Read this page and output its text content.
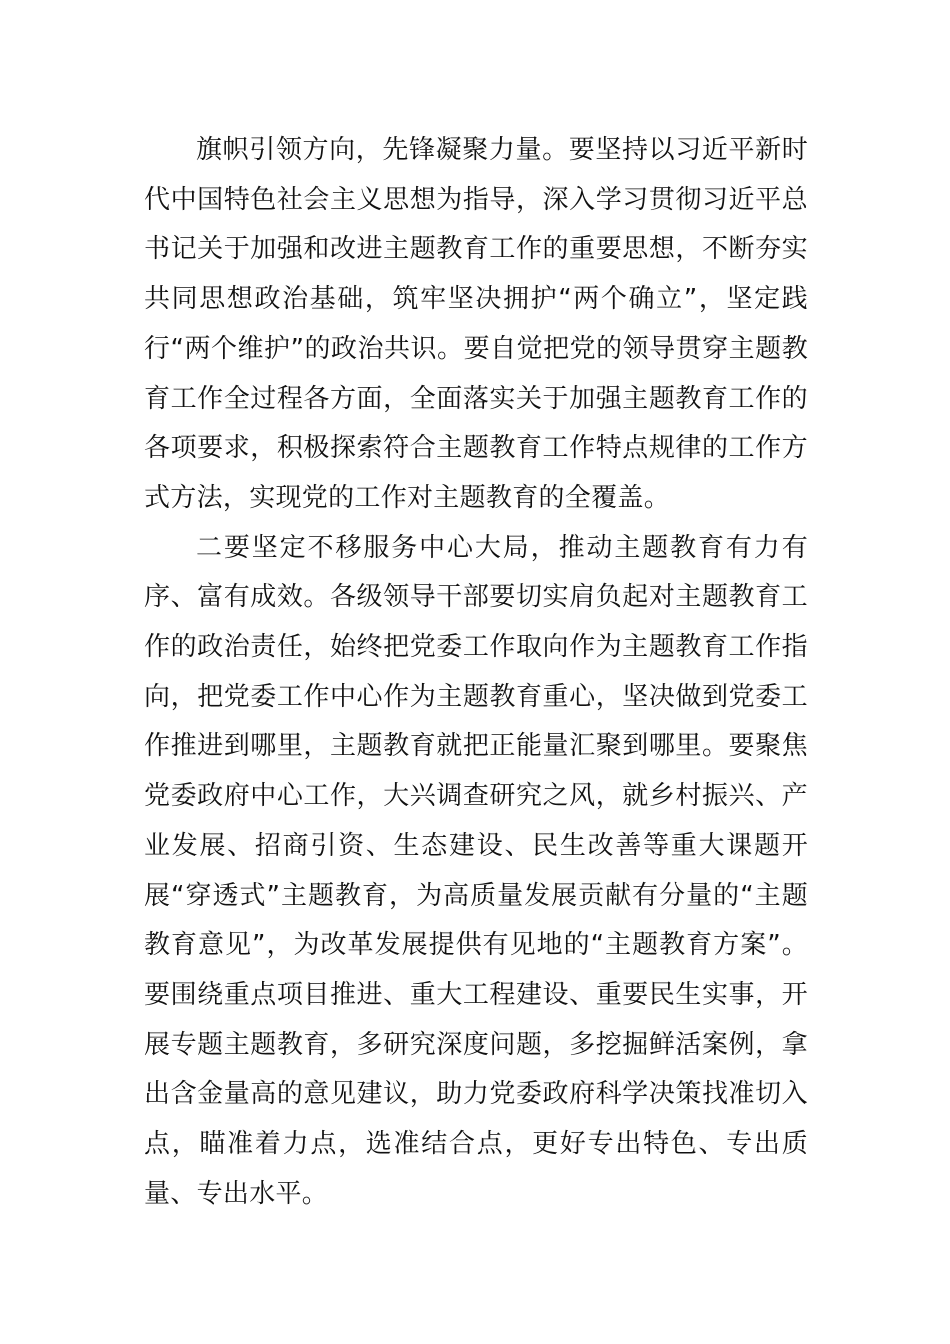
旗帜引领方向，先锋凝聚力量。要坚持以习近平新时代中国特色社会主义思想为指导，深入学习贯彻习近平总书记关于加强和改进主题教育工作的重要思想，不断夯实共同思想政治基础，筑牢坚决拥护“两个确立”，坚定践行“两个维护”的政治共识。要自觉把党的领导贯穿主题教育工作全过程各方面，全面落实关于加强主题教育工作的各项要求，积极探索符合主题教育工作特点规律的工作方式方法，实现党的工作对主题教育的全覆盖。

二要坚定不移服务中心大局，推动主题教育有力有序、富有成效。各级领导干部要切实肩负起对主题教育工作的政治责任，始终把党委工作取向作为主题教育工作指向，把党委工作中心作为主题教育重心，坚决做到党委工作推进到哪里，主题教育就把正能量汇聚到哪里。要聚焦党委政府中心工作，大兴调查研究之风，就乡村振兴、产业发展、招商引资、生态建设、民生改善等重大课题开展“穿透式”主题教育，为高质量发展贡献有分量的“主题教育意见”，为改革发展提供有见地的“主题教育方案”。要围绕重点项目推进、重大工程建设、重要民生实事，开展专题主题教育，多研究深度问题，多挖掘鲜活案例，拿出含金量高的意见建议，助力党委政府科学决策找准切入点，瞄准着力点，选准结合点，更好专出特色、专出质量、专出水平。
